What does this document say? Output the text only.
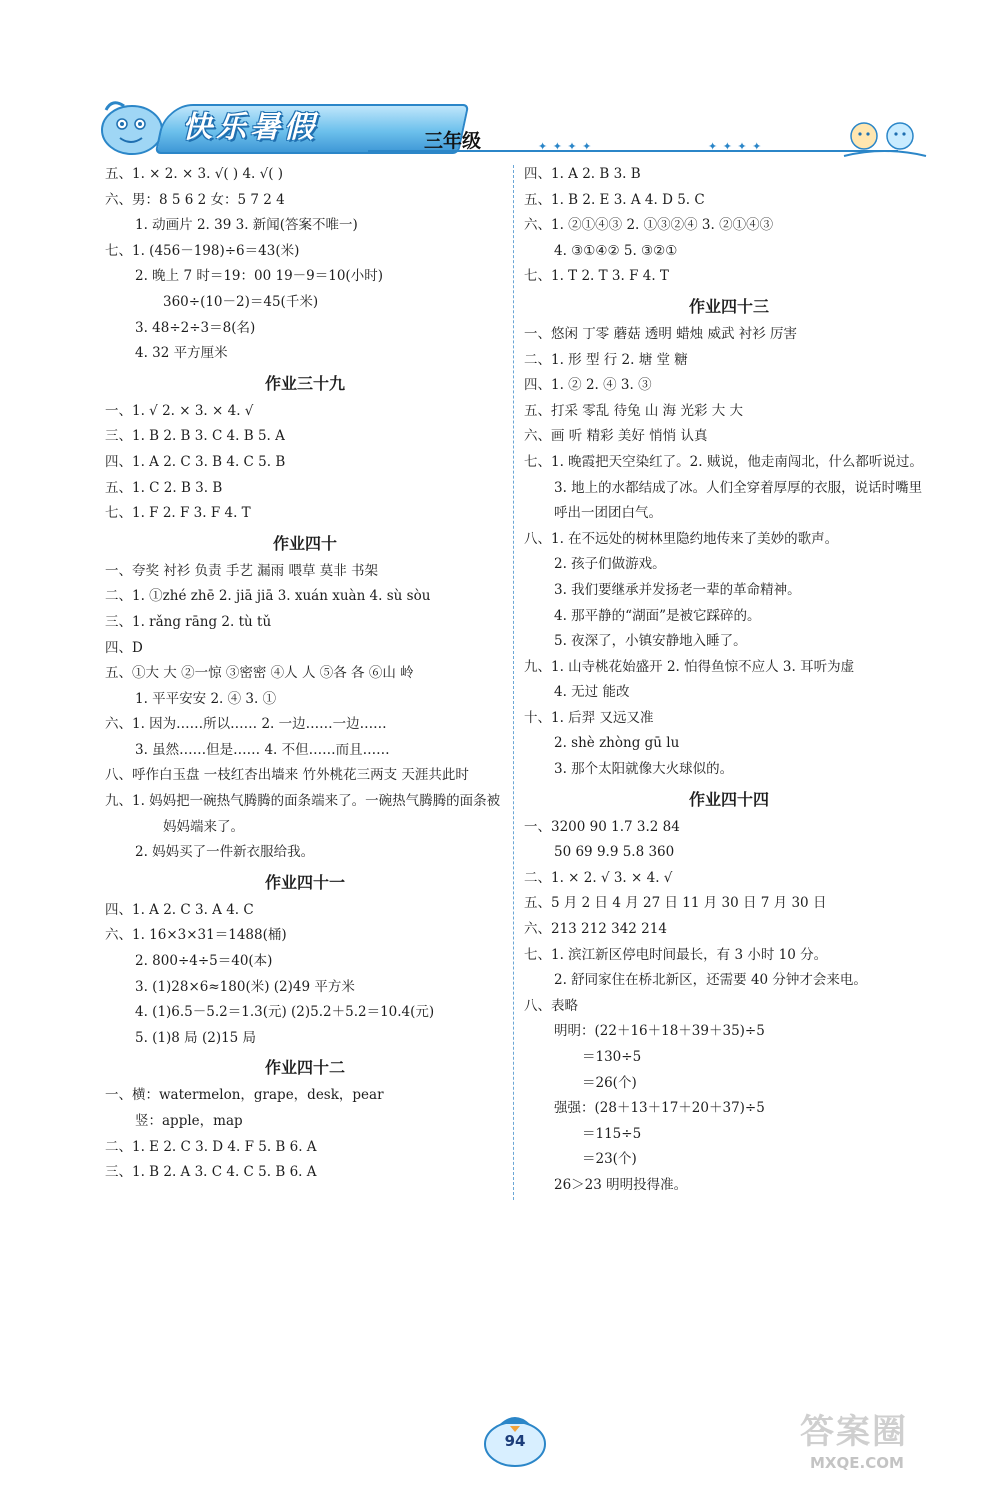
快乐暑假	三年级	✦ ✦ ✦ ✦	✦ ✦ ✦ ✦
五、1. × 2. × 3. √( ) 4. √( )
六、男：8 5 6 2 女：5 7 2 4
1. 动画片 2. 39 3. 新闻(答案不唯一)
七、1. (456－198)÷6＝43(米)
2. 晚上 7 时＝19：00 19－9＝10(小时)
360÷(10－2)＝45(千米)
3. 48÷2÷3＝8(名)
4. 32 平方厘米
作业三十九
一、1. √ 2. × 3. × 4. √
三、1. B 2. B 3. C 4. B 5. A
四、1. A 2. C 3. B 4. C 5. B
五、1. C 2. B 3. B
七、1. F 2. F 3. F 4. T
作业四十
一、夸奖 衬衫 负责 手艺 漏雨 喂草 莫非 书架
二、1. ①zhé zhē 2. jiā jiā 3. xuán xuàn 4. sù sòu
三、1. rǎng rāng 2. tù tǔ
四、D
五、①大 大 ②一惊 ③密密 ④人 人 ⑤各 各 ⑥山 岭
1. 平平安安 2. ④ 3. ①
六、1. 因为……所以…… 2. 一边……一边……
3. 虽然……但是…… 4. 不但……而且……
八、呼作白玉盘 一枝红杏出墙来 竹外桃花三两支 天涯共此时
九、1. 妈妈把一碗热气腾腾的面条端来了。一碗热气腾腾的面条被
妈妈端来了。
2. 妈妈买了一件新衣服给我。
作业四十一
四、1. A 2. C 3. A 4. C
六、1. 16×3×31＝1488(桶)
2. 800÷4÷5＝40(本)
3. (1)28×6≈180(米) (2)49 平方米
4. (1)6.5－5.2＝1.3(元) (2)5.2＋5.2＝10.4(元)
5. (1)8 局 (2)15 局
作业四十二
一、横：watermelon，grape，desk，pear
竖：apple，map
二、1. E 2. C 3. D 4. F 5. B 6. A
三、1. B 2. A 3. C 4. C 5. B 6. A
四、1. A 2. B 3. B
五、1. B 2. E 3. A 4. D 5. C
六、1. ②①④③ 2. ①③②④ 3. ②①④③
4. ③①④② 5. ③②①
七、1. T 2. T 3. F 4. T
作业四十三
一、悠闲 丁零 蘑菇 透明 蜡烛 威武 衬衫 厉害
二、1. 形 型 行 2. 塘 堂 糖
四、1. ② 2. ④ 3. ③
五、打采 零乱 待兔 山 海 光彩 大 大
六、画 听 精彩 美好 悄悄 认真
七、1. 晚霞把天空染红了。2. 贼说，他走南闯北，什么都听说过。
3. 地上的水都结成了冰。人们全穿着厚厚的衣服，说话时嘴里
呼出一团团白气。
八、1. 在不远处的树林里隐约地传来了美妙的歌声。
2. 孩子们做游戏。
3. 我们要继承并发扬老一辈的革命精神。
4. 那平静的“湖面”是被它踩碎的。
5. 夜深了，小镇安静地入睡了。
九、1. 山寺桃花始盛开 2. 怕得鱼惊不应人 3. 耳听为虚
4. 无过 能改
十、1. 后羿 又远又准
2. shè zhòng gū lu
3. 那个太阳就像大火球似的。
作业四十四
一、3200 90 1.7 3.2 84
50 69 9.9 5.8 360
二、1. × 2. √ 3. × 4. √
五、5 月 2 日 4 月 27 日 11 月 30 日 7 月 30 日
六、213 212 342 214
七、1. 滨江新区停电时间最长，有 3 小时 10 分。
2. 舒同家住在桥北新区，还需要 40 分钟才会来电。
八、表略
明明：(22＋16＋18＋39＋35)÷5
＝130÷5
＝26(个)
强强：(28＋13＋17＋20＋37)÷5
＝115÷5
＝23(个)
26＞23 明明投得准。
94	答案圈
MXQE.COM
